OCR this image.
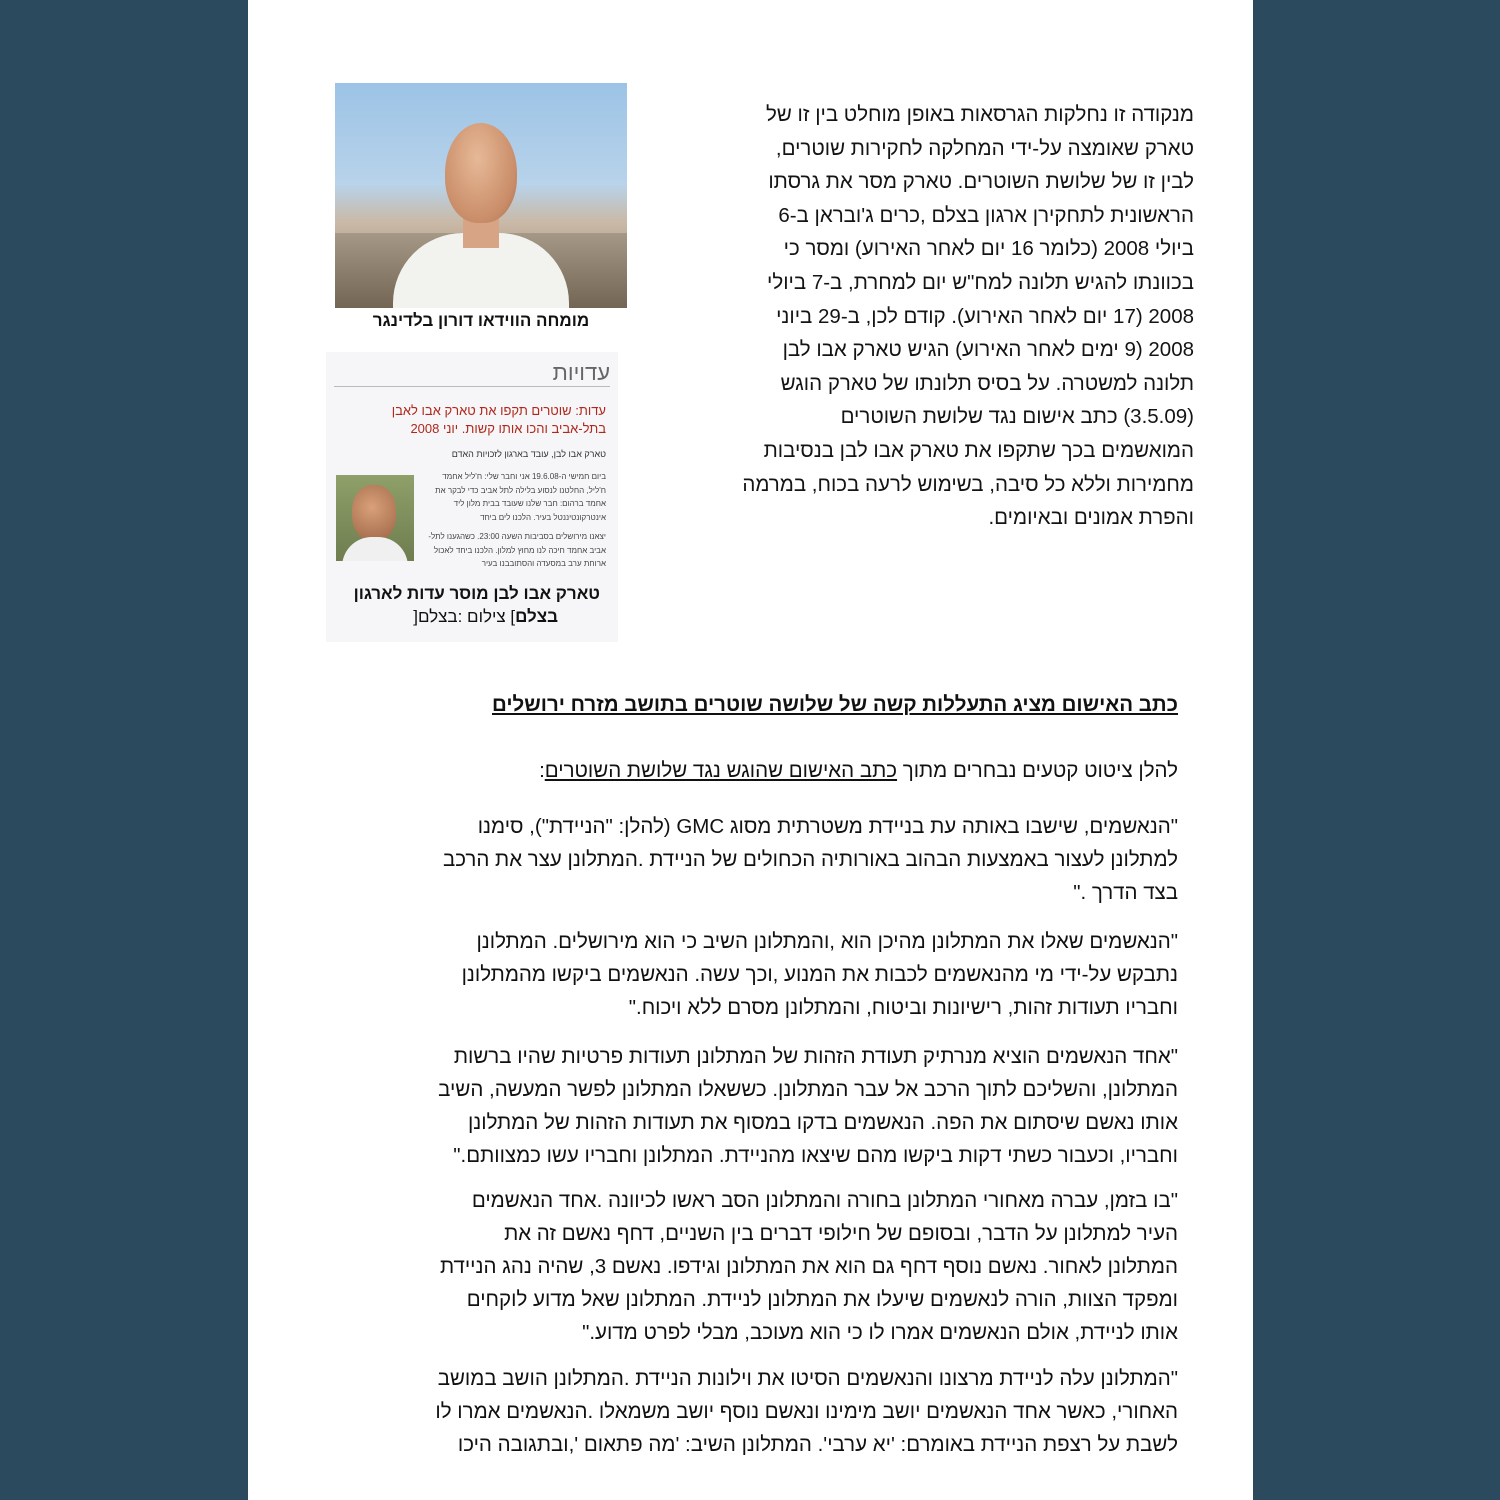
מנקודה זו נחלקות הגרסאות באופן מוחלט בין זו של
טארק שאומצה על-ידי המחלקה לחקירות שוטרים,
לבין זו של שלושת השוטרים. טארק מסר את גרסתו
הראשונית לתחקירן ארגון בצלם ,כרים ג'ובראן ב-6
ביולי 2008 (כלומר 16 יום לאחר האירוע) ומסר כי
בכוונתו להגיש תלונה למח"ש יום למחרת, ב-7 ביולי
2008 (17 יום לאחר האירוע). קודם לכן, ב-29 ביוני
2008 (9 ימים לאחר האירוע) הגיש טארק אבו לבן
תלונה למשטרה. על בסיס תלונתו של טארק הוגש
(3.5.09) כתב אישום נגד שלושת השוטרים
המואשמים בכך שתקפו את טארק אבו לבן בנסיבות
מחמירות וללא כל סיבה, בשימוש לרעה בכוח, במרמה
והפרת אמונים ובאיומים.
מומחה הווידאו דורון בלדינגר
עדויות
עדות: שוטרים תקפו את טארק אבו לאבן בתל-אביב והכו אותו קשות. יוני 2008
טארק אבו לבן, עובד בארגון לזכויות האדם
ביום חמישי ה-19.6.08 אני וחבר שלי: ח'ליל אחמד
ח'ליל, החלטנו לנסוע בלילה לתל אביב כדי לבקר את
אחמד ברהום: חבר שלנו שעובד בבית מלון ליד
אינטרקונטיננטל בעיר. הלכנו לים ביחד
יצאנו מירושלים בסביבות השעה 23:00. כשהגענו לתל-
אביב אחמד חיכה לנו מחוץ למלון. הלכנו ביחד לאכול
ארוחת ערב במסעדה והסתובבנו בעיר
טארק אבו לבן מוסר עדות לארגון
בצלם] צילום :בצלם[
כתב האישום מציג התעללות קשה של שלושה שוטרים בתושב מזרח ירושלים
להלן ציטוט קטעים נבחרים מתוך כתב האישום שהוגש נגד שלושת השוטרים:
"הנאשמים, שישבו באותה עת בניידת משטרתית מסוג GMC (להלן: "הניידת"), סימנו
למתלונן לעצור באמצעות הבהוב באורותיה הכחולים של הניידת .המתלונן עצר את הרכב
בצד הדרך ."
"הנאשמים שאלו את המתלונן מהיכן הוא ,והמתלונן השיב כי הוא מירושלים. המתלונן
נתבקש על-ידי מי מהנאשמים לכבות את המנוע ,וכך עשה. הנאשמים ביקשו מהמתלונן
וחבריו תעודות זהות, רישיונות וביטוח, והמתלונן מסרם ללא ויכוח."
"אחד הנאשמים הוציא מנרתיק תעודת הזהות של המתלונן תעודות פרטיות שהיו ברשות
המתלונן, והשליכם לתוך הרכב אל עבר המתלונן. כששאלו המתלונן לפשר המעשה, השיב
אותו נאשם שיסתום את הפה. הנאשמים בדקו במסוף את תעודות הזהות של המתלונן
וחבריו, וכעבור כשתי דקות ביקשו מהם שיצאו מהניידת. המתלונן וחבריו עשו כמצוותם."
"בו בזמן, עברה מאחורי המתלונן בחורה והמתלונן הסב ראשו לכיוונה .אחד הנאשמים
העיר למתלונן על הדבר, ובסופם של חילופי דברים בין השניים, דחף נאשם זה את
המתלונן לאחור. נאשם נוסף דחף גם הוא את המתלונן וגידפו. נאשם 3, שהיה נהג הניידת
ומפקד הצוות, הורה לנאשמים שיעלו את המתלונן לניידת. המתלונן שאל מדוע לוקחים
אותו לניידת, אולם הנאשמים אמרו לו כי הוא מעוכב, מבלי לפרט מדוע."
"המתלונן עלה לניידת מרצונו והנאשמים הסיטו את וילונות הניידת .המתלונן הושב במושב
האחורי, כאשר אחד הנאשמים יושב מימינו ונאשם נוסף יושב משמאלו .הנאשמים אמרו לו
לשבת על רצפת הניידת באומרם: 'יא ערבי'. המתלונן השיב: 'מה פתאום ',ובתגובה היכו
